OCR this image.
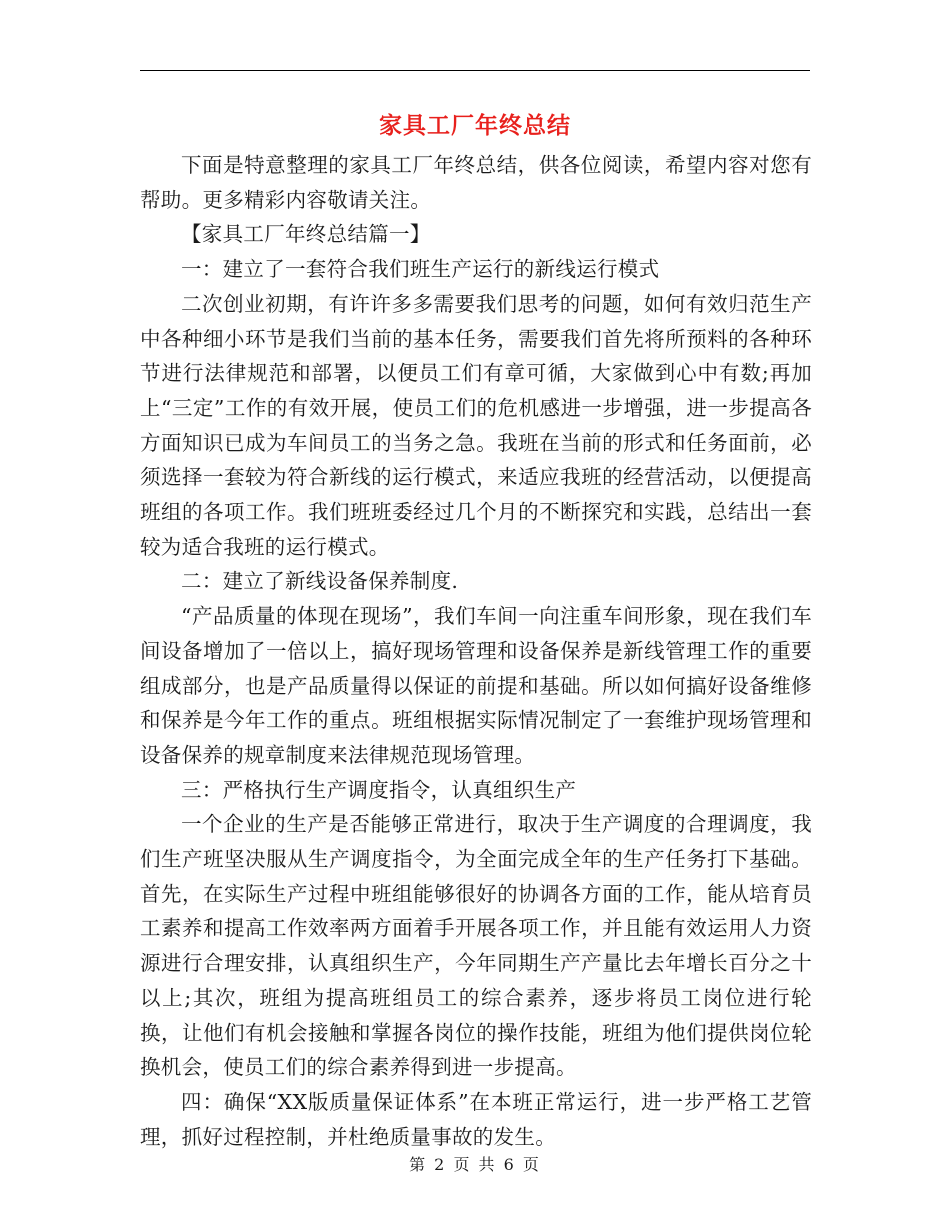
家具工厂年终总结

下面是特意整理的家具工厂年终总结，供各位阅读，希望内容对您有帮助。更多精彩内容敬请关注。

【家具工厂年终总结篇一】

一：建立了一套符合我们班生产运行的新线运行模式

二次创业初期，有许许多多需要我们思考的问题，如何有效归范生产中各种细小环节是我们当前的基本任务，需要我们首先将所预料的各种环节进行法律规范和部署，以便员工们有章可循，大家做到心中有数;再加上“三定”工作的有效开展，使员工们的危机感进一步增强，进一步提高各方面知识已成为车间员工的当务之急。我班在当前的形式和任务面前，必须选择一套较为符合新线的运行模式，来适应我班的经营活动，以便提高班组的各项工作。我们班班委经过几个月的不断探究和实践，总结出一套较为适合我班的运行模式。

二：建立了新线设备保养制度.

“产品质量的体现在现场”，我们车间一向注重车间形象，现在我们车间设备增加了一倍以上，搞好现场管理和设备保养是新线管理工作的重要组成部分，也是产品质量得以保证的前提和基础。所以如何搞好设备维修和保养是今年工作的重点。班组根据实际情况制定了一套维护现场管理和设备保养的规章制度来法律规范现场管理。

三：严格执行生产调度指令，认真组织生产

一个企业的生产是否能够正常进行，取决于生产调度的合理调度，我们生产班坚决服从生产调度指令，为全面完成全年的生产任务打下基础。首先，在实际生产过程中班组能够很好的协调各方面的工作，能从培育员工素养和提高工作效率两方面着手开展各项工作，并且能有效运用人力资源进行合理安排，认真组织生产，今年同期生产产量比去年增长百分之十以上;其次，班组为提高班组员工的综合素养，逐步将员工岗位进行轮换，让他们有机会接触和掌握各岗位的操作技能，班组为他们提供岗位轮换机会，使员工们的综合素养得到进一步提高。

四：确保“XX版质量保证体系”在本班正常运行，进一步严格工艺管理，抓好过程控制，并杜绝质量事故的发生。

第 2 页 共 6 页
